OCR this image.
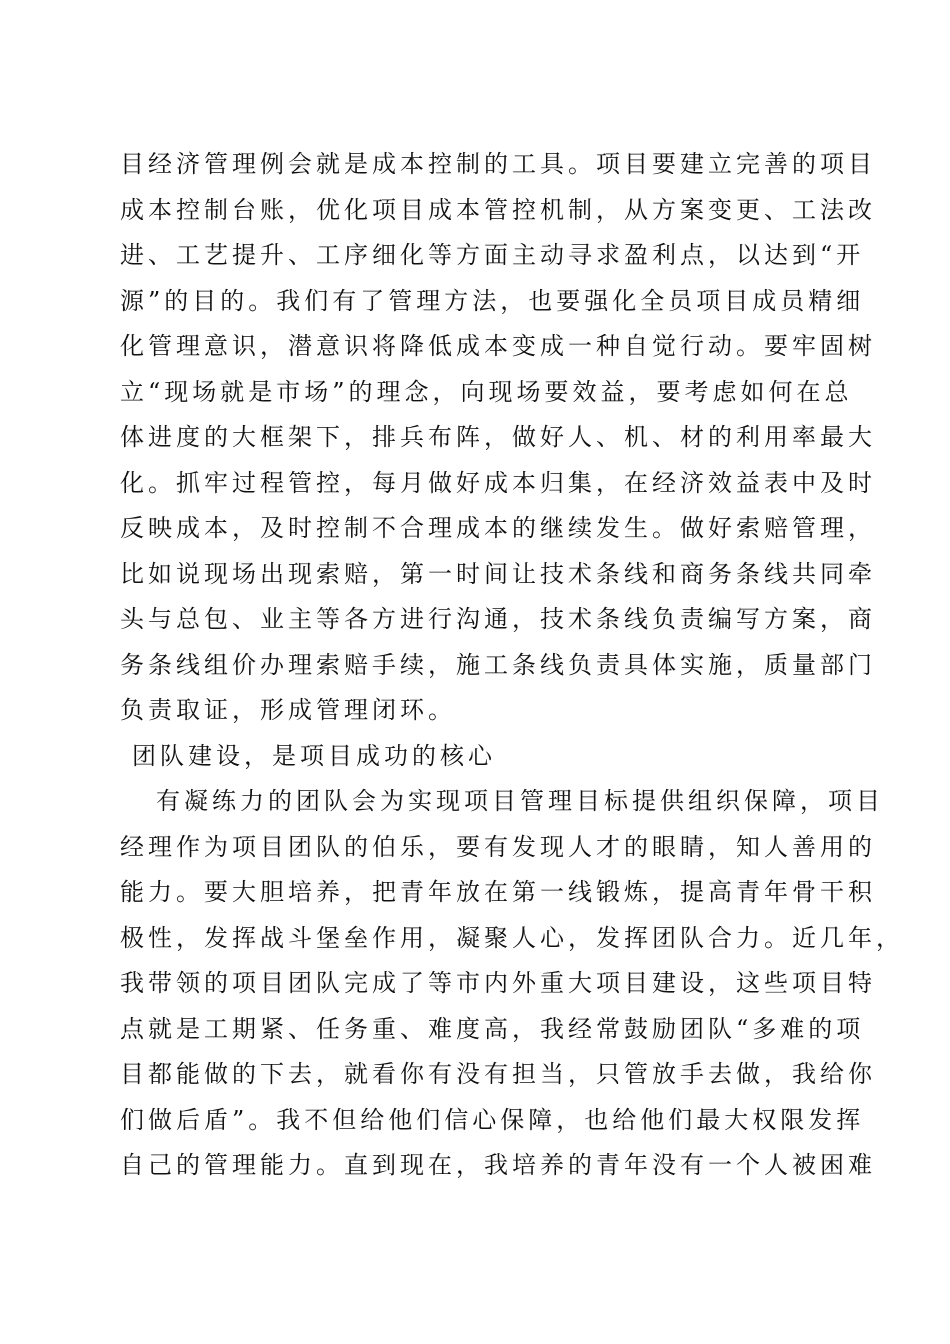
目经济管理例会就是成本控制的工具。项目要建立完善的项目
成本控制台账，优化项目成本管控机制，从方案变更、工法改
进、工艺提升、工序细化等方面主动寻求盈利点，以达到“开
源”的目的。我们有了管理方法，也要强化全员项目成员精细
化管理意识，潜意识将降低成本变成一种自觉行动。要牢固树
立“现场就是市场”的理念，向现场要效益，要考虑如何在总
体进度的大框架下，排兵布阵，做好人、机、材的利用率最大
化。抓牢过程管控，每月做好成本归集，在经济效益表中及时
反映成本，及时控制不合理成本的继续发生。做好索赔管理，
比如说现场出现索赔，第一时间让技术条线和商务条线共同牵
头与总包、业主等各方进行沟通，技术条线负责编写方案，商
务条线组价办理索赔手续，施工条线负责具体实施，质量部门
负责取证，形成管理闭环。
团队建设，是项目成功的核心
有凝练力的团队会为实现项目管理目标提供组织保障，项目
经理作为项目团队的伯乐，要有发现人才的眼睛，知人善用的
能力。要大胆培养，把青年放在第一线锻炼，提高青年骨干积
极性，发挥战斗堡垒作用，凝聚人心，发挥团队合力。近几年，
我带领的项目团队完成了等市内外重大项目建设，这些项目特
点就是工期紧、任务重、难度高，我经常鼓励团队“多难的项
目都能做的下去，就看你有没有担当，只管放手去做，我给你
们做后盾”。我不但给他们信心保障，也给他们最大权限发挥
自己的管理能力。直到现在，我培养的青年没有一个人被困难
